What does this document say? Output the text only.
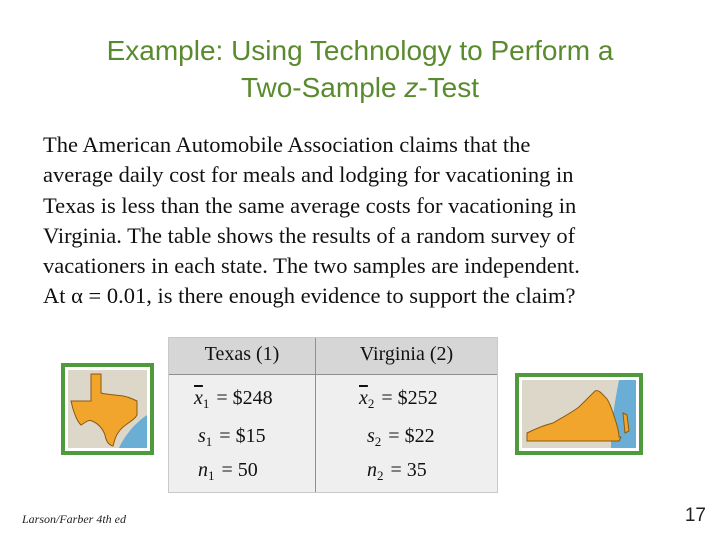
Example: Using Technology to Perform a
Two-Sample z-Test
The American Automobile Association claims that the
average daily cost for meals and lodging for vacationing in
Texas is less than the same average costs for vacationing in
Virginia. The table shows the results of a random survey of
vacationers in each state. The two samples are independent.
At α = 0.01, is there enough evidence to support the claim?
Texas (1)	Virginia (2)
$\overline{x}_1$ = $248
$s_1$ = $15
$n_1 = 50$
$\overline{x}_2$ = $252
$s_2$ = $22
$n_2 = 35$
Larson/Farber 4th ed	17
